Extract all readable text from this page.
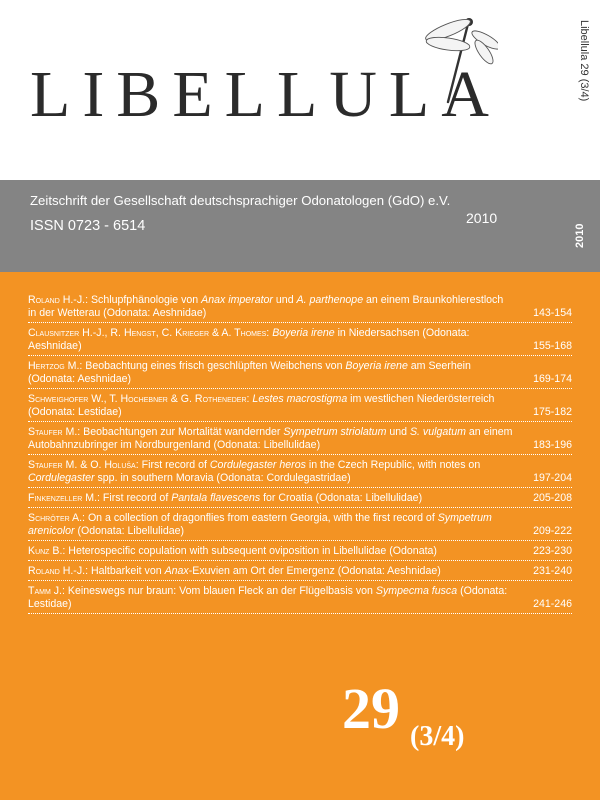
LIBELLULA	Libellula 29 (3/4)
Zeitschrift der Gesellschaft deutschsprachiger Odonatologen (GdO) e.V.
2010
ISSN 0723 - 6514	2010
Roland H.-J.: Schlupfphänologie von Anax imperator und A. parthenope an einem Braunkohlerestloch in der Wetterau (Odonata: Aeshnidae)	143-154
Clausnitzer H.-J., R. Hengst, C. Krieger & A. Thomes: Boyeria irene in Niedersachsen (Odonata: Aeshnidae)	155-168
Hertzog M.: Beobachtung eines frisch geschlüpften Weibchens von Boyeria irene am Seerhein (Odonata: Aeshnidae)	169-174
Schweighofer W., T. Hochebner & G. Rotheneder: Lestes macrostigma im westlichen Niederösterreich (Odonata: Lestidae)	175-182
Staufer M.: Beobachtungen zur Mortalität wandernder Sympetrum striolatum und S. vulgatum an einem Autobahnzubringer im Nordburgenland (Odonata: Libellulidae)	183-196
Staufer M. & O. Holuša: First record of Cordulegaster heros in the Czech Republic, with notes on Cordulegaster spp. in southern Moravia (Odonata: Cordulegastridae)	197-204
Finkenzeller M.: First record of Pantala flavescens for Croatia (Odonata: Libellulidae)	205-208
Schröter A.: On a collection of dragonflies from eastern Georgia, with the first record of Sympetrum arenicolor (Odonata: Libellulidae)	209-222
Kunz B.: Heterospecific copulation with subsequent oviposition in Libellulidae (Odonata)	223-230
Roland H.-J.: Haltbarkeit von Anax-Exuvien am Ort der Emergenz (Odonata: Aeshnidae)	231-240
Tamm J.: Keineswegs nur braun: Vom blauen Fleck an der Flügelbasis von Sympecma fusca (Odonata: Lestidae)	241-246
29 (3/4)
